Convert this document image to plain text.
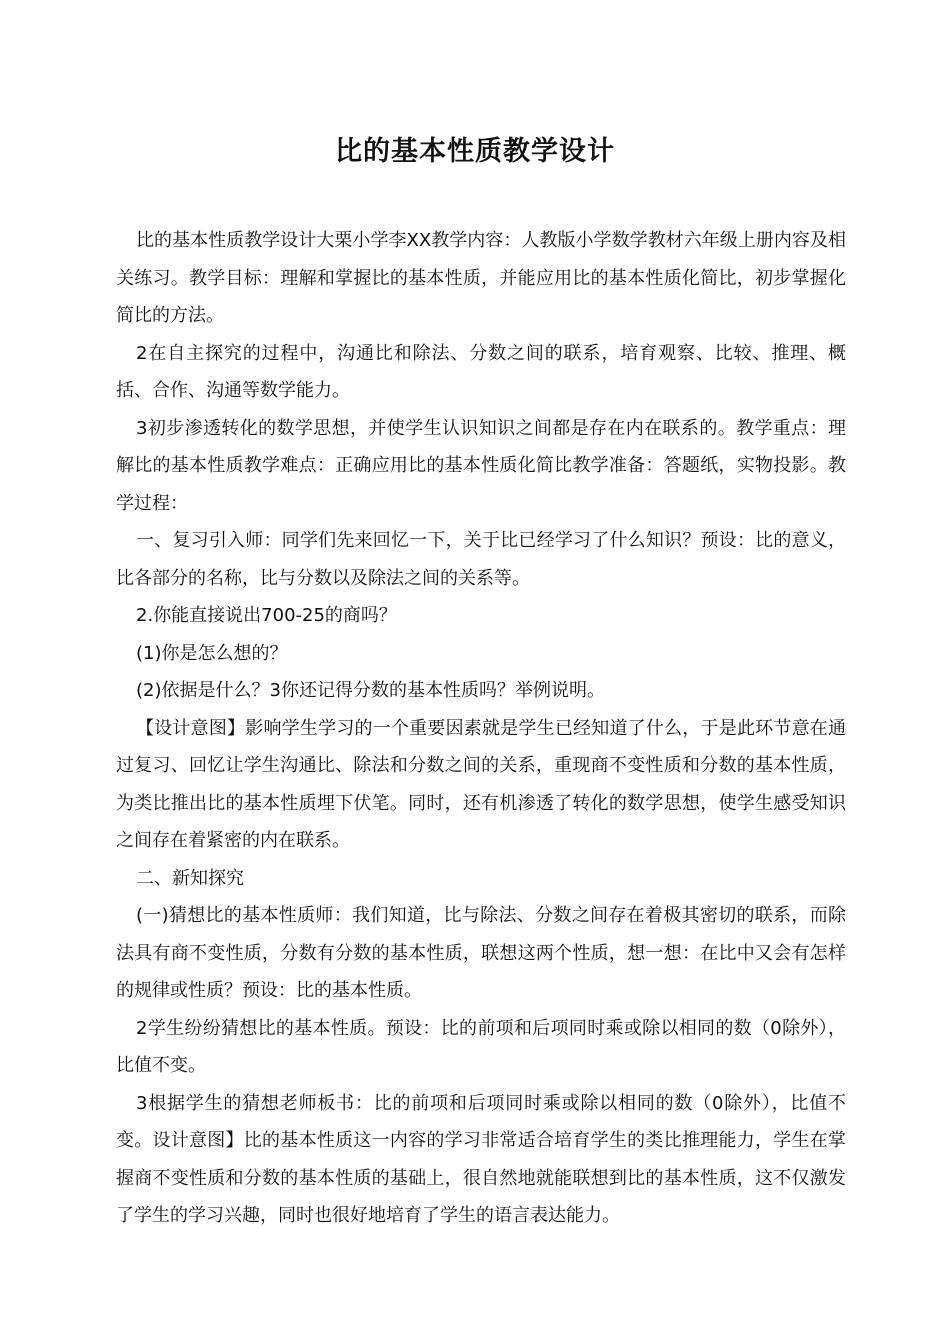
比的基本性质教学设计

比的基本性质教学设计大栗小学李XX教学内容：人教版小学数学教材六年级上册内容及相关练习。教学目标：理解和掌握比的基本性质，并能应用比的基本性质化简比，初步掌握化简比的方法。

2在自主探究的过程中，沟通比和除法、分数之间的联系，培育观察、比较、推理、概括、合作、沟通等数学能力。

3初步渗透转化的数学思想，并使学生认识知识之间都是存在内在联系的。教学重点：理解比的基本性质教学难点：正确应用比的基本性质化简比教学准备：答题纸，实物投影。教学过程：

一、复习引入师：同学们先来回忆一下，关于比已经学习了什么知识？预设：比的意义，比各部分的名称，比与分数以及除法之间的关系等。

2.你能直接说出700-25的商吗？

(1)你是怎么想的？

(2)依据是什么？3你还记得分数的基本性质吗？举例说明。

【设计意图】影响学生学习的一个重要因素就是学生已经知道了什么，于是此环节意在通过复习、回忆让学生沟通比、除法和分数之间的关系，重现商不变性质和分数的基本性质，为类比推出比的基本性质埋下伏笔。同时，还有机渗透了转化的数学思想，使学生感受知识之间存在着紧密的内在联系。

二、新知探究

(一)猜想比的基本性质师：我们知道，比与除法、分数之间存在着极其密切的联系，而除法具有商不变性质，分数有分数的基本性质，联想这两个性质，想一想：在比中又会有怎样的规律或性质？预设：比的基本性质。

2学生纷纷猜想比的基本性质。预设：比的前项和后项同时乘或除以相同的数（0除外），比值不变。

3根据学生的猜想老师板书：比的前项和后项同时乘或除以相同的数（0除外），比值不变。设计意图】比的基本性质这一内容的学习非常适合培育学生的类比推理能力，学生在掌握商不变性质和分数的基本性质的基础上，很自然地就能联想到比的基本性质，这不仅激发了学生的学习兴趣，同时也很好地培育了学生的语言表达能力。
